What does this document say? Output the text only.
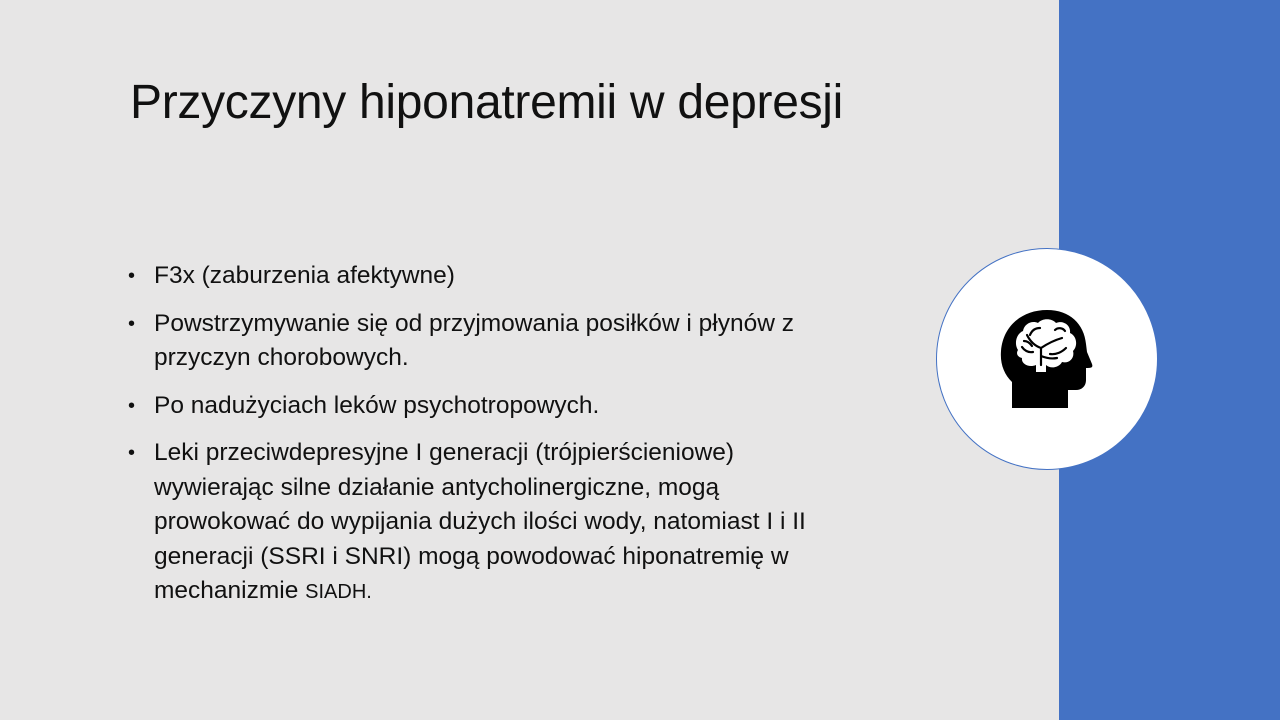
Przyczyny hiponatremii w depresji
• F3x (zaburzenia afektywne)
• Powstrzymywanie się od przyjmowania posiłków i płynów z przyczyn chorobowych.
• Po nadużyciach leków psychotropowych.
• Leki przeciwdepresyjne I generacji (trójpierścieniowe) wywierając silne działanie antycholinergiczne, mogą prowokować do wypijania dużych ilości wody, natomiast I i II generacji (SSRI i SNRI) mogą powodować hiponatremię w mechanizmie SIADH.
